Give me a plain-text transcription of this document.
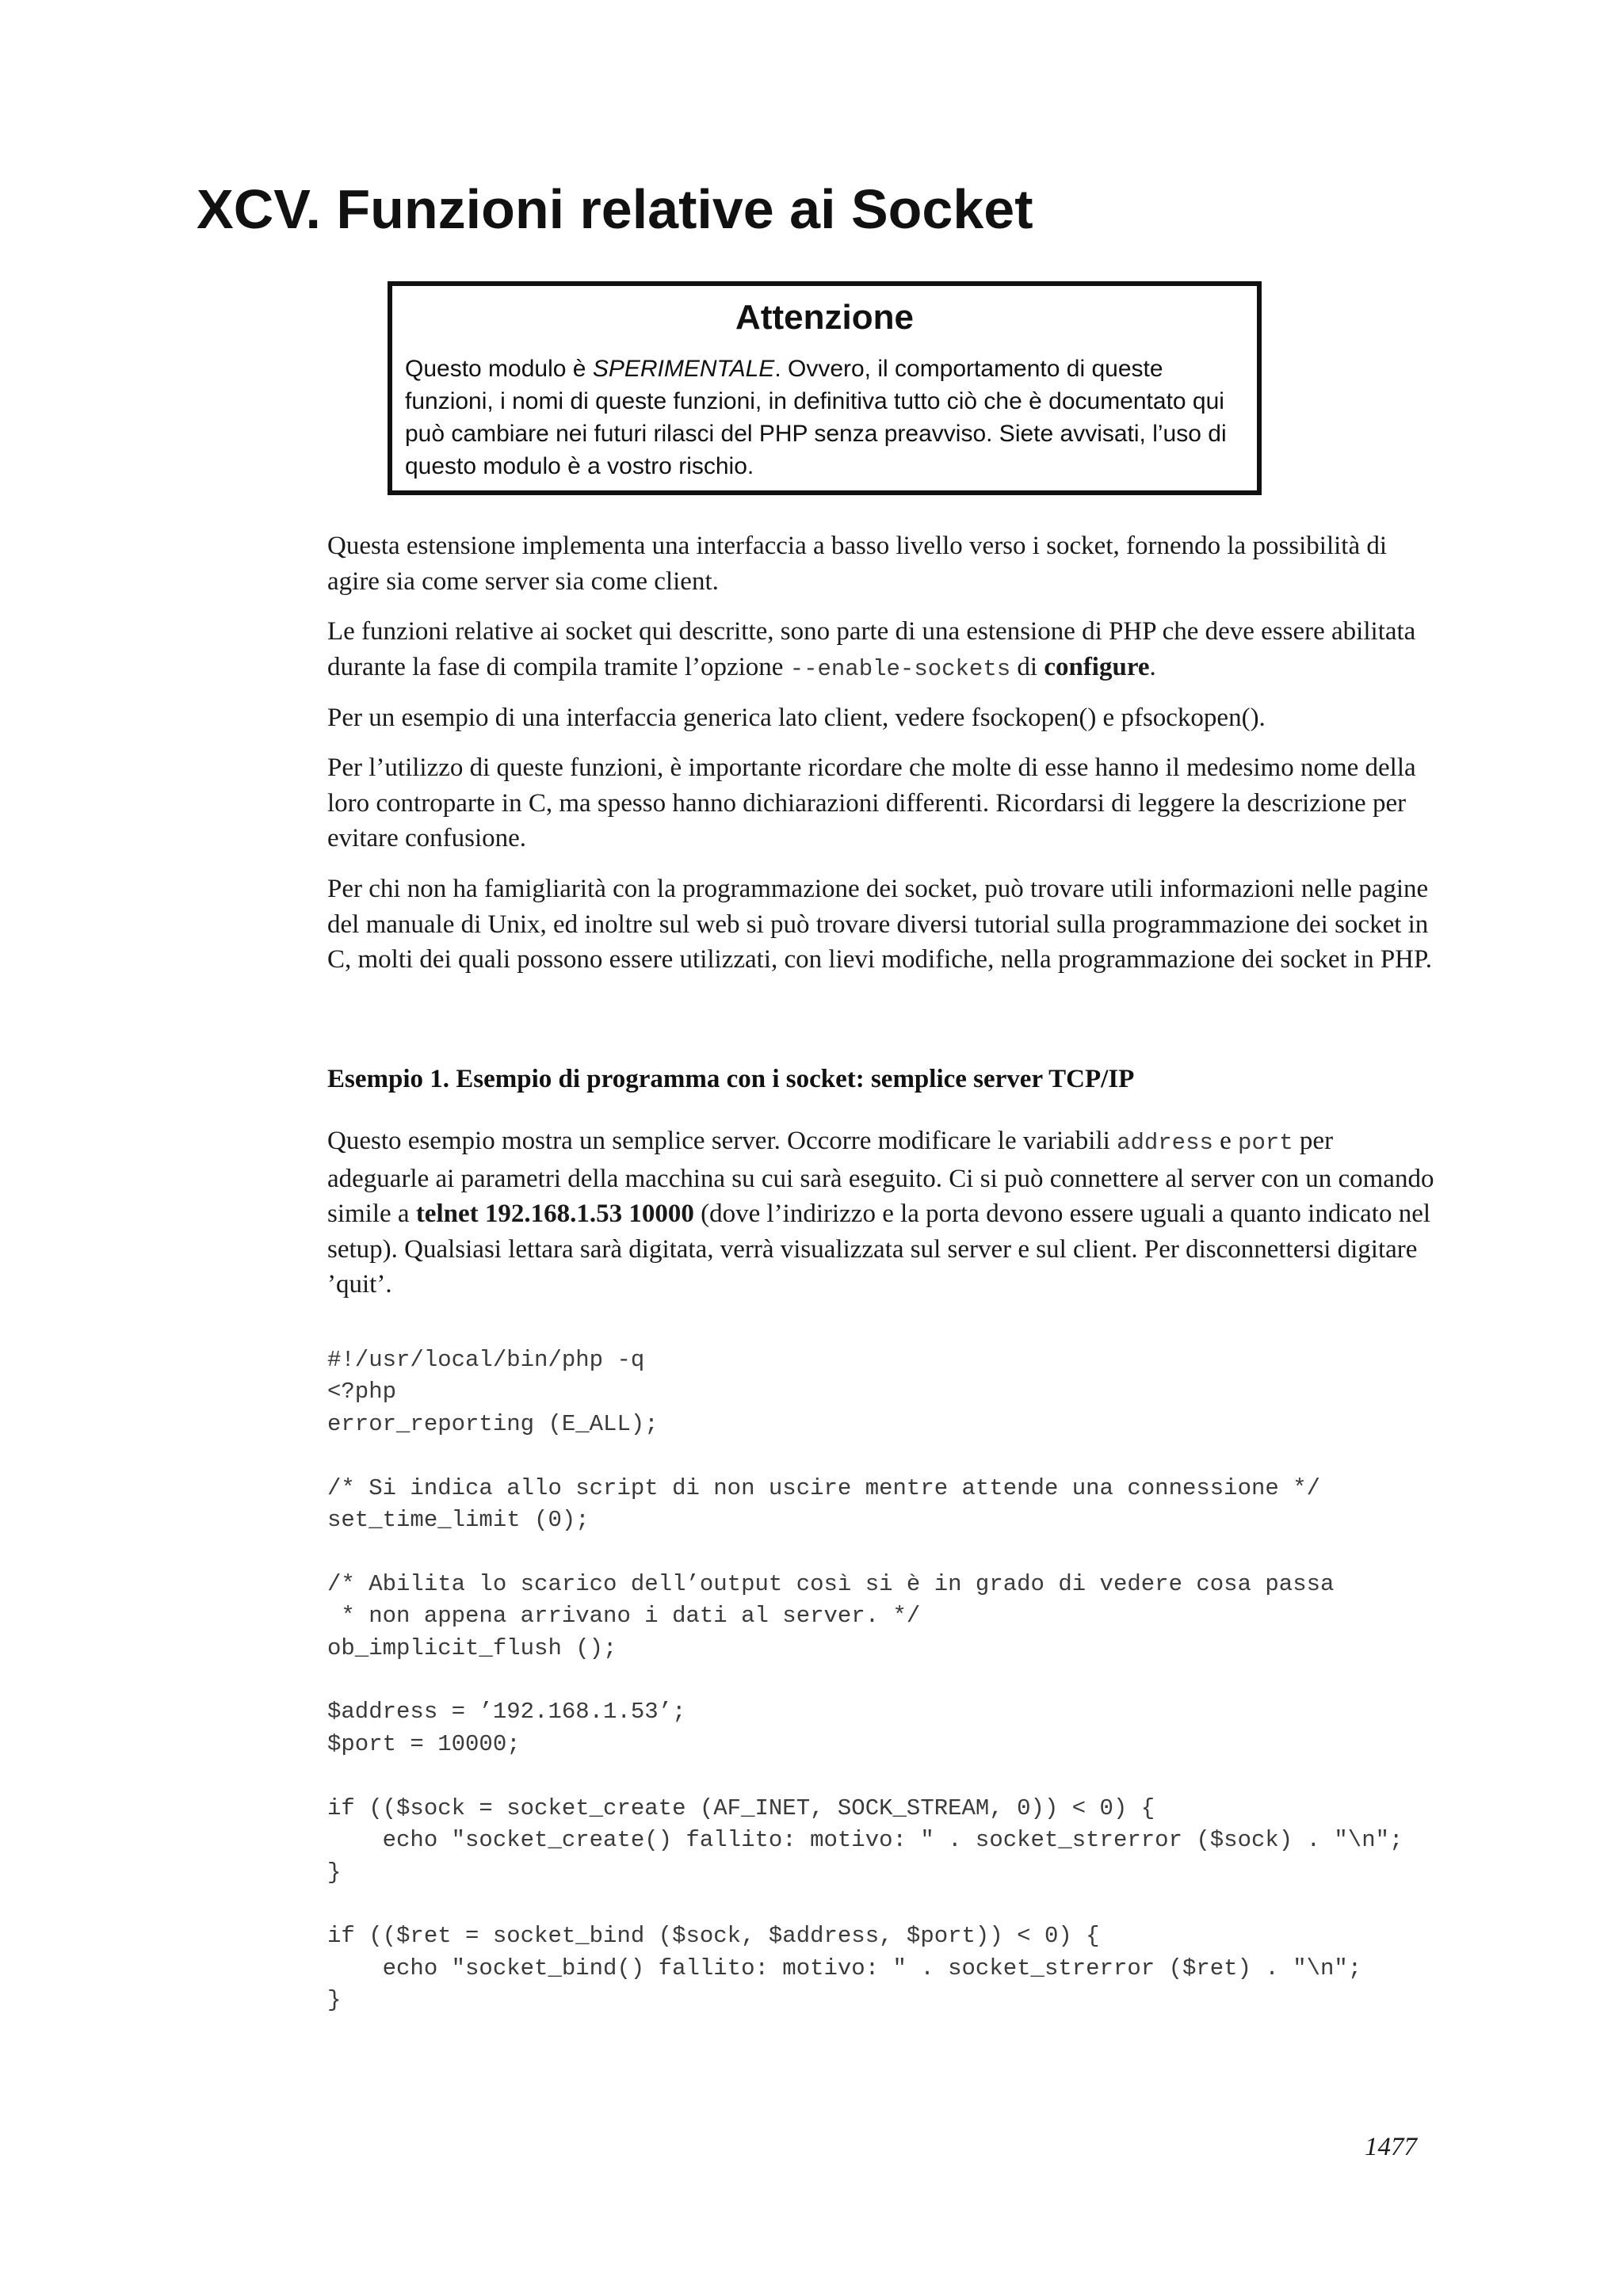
XCV. Funzioni relative ai Socket
Attenzione

Questo modulo è SPERIMENTALE. Ovvero, il comportamento di queste funzioni, i nomi di queste funzioni, in definitiva tutto ciò che è documentato qui può cambiare nei futuri rilasci del PHP senza preavviso. Siete avvisati, l’uso di questo modulo è a vostro rischio.

Questa estensione implementa una interfaccia a basso livello verso i socket, fornendo la possibilità di agire sia come server sia come client.

Le funzioni relative ai socket qui descritte, sono parte di una estensione di PHP che deve essere abilitata durante la fase di compila tramite l’opzione --enable-sockets di configure.

Per un esempio di una interfaccia generica lato client, vedere fsockopen() e pfsockopen().

Per l’utilizzo di queste funzioni, è importante ricordare che molte di esse hanno il medesimo nome della loro controparte in C, ma spesso hanno dichiarazioni differenti. Ricordarsi di leggere la descrizione per evitare confusione.

Per chi non ha famigliarità con la programmazione dei socket, può trovare utili informazioni nelle pagine del manuale di Unix, ed inoltre sul web si può trovare diversi tutorial sulla programmazione dei socket in C, molti dei quali possono essere utilizzati, con lievi modifiche, nella programmazione dei socket in PHP.

Esempio 1. Esempio di programma con i socket: semplice server TCP/IP

Questo esempio mostra un semplice server. Occorre modificare le variabili address e port per adeguarle ai parametri della macchina su cui sarà eseguito. Ci si può connettere al server con un comando simile a telnet 192.168.1.53 10000 (dove l’indirizzo e la porta devono essere uguali a quanto indicato nel setup). Qualsiasi lettara sarà digitata, verrà visualizzata sul server e sul client. Per disconnettersi digitare ’quit’.

#!/usr/local/bin/php -q
<?php
error_reporting (E_ALL);

/* Si indica allo script di non uscire mentre attende una connessione */
set_time_limit (0);

/* Abilita lo scarico dell’output così si è in grado di vedere cosa passa
* non appena arrivano i dati al server. */
ob_implicit_flush ();

$address = ’192.168.1.53’;
$port = 10000;

if (($sock = socket_create (AF_INET, SOCK_STREAM, 0)) < 0) {
echo "socket_create() fallito: motivo: " . socket_strerror ($sock) . "\n";
}

if (($ret = socket_bind ($sock, $address, $port)) < 0) {
echo "socket_bind() fallito: motivo: " . socket_strerror ($ret) . "\n";
}
1477
